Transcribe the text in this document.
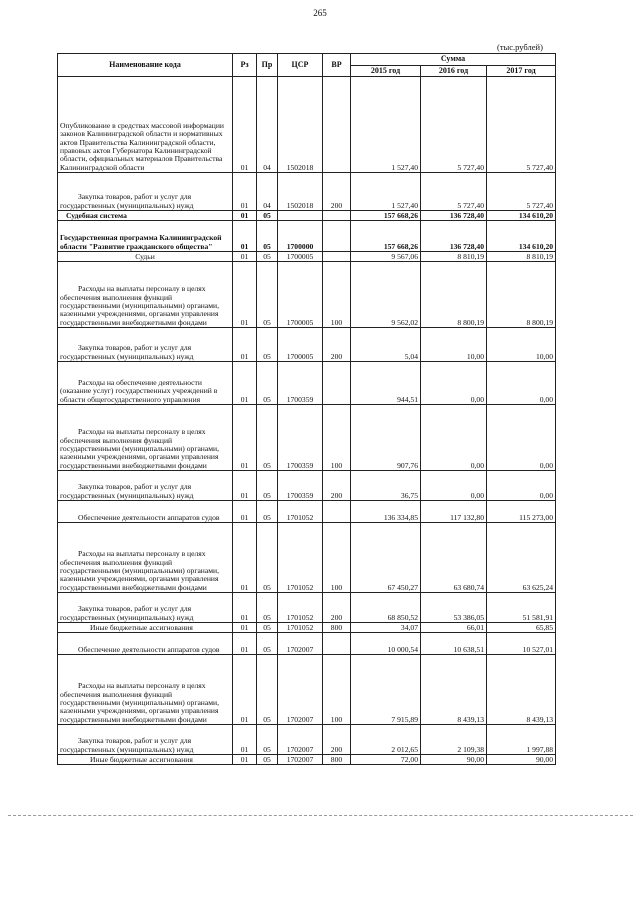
265
(тыс.рублей)
Наименование кода	Рз	Пр	ЦСР	ВР	Сумма		
					2015 год	2016 год	2017 год
Опубликование в средствах массовой информации законов Калининградской области и нормативных актов Правительства Калининградской области, правовых актов Губернатора Калининградской области, официальных материалов Правительства Калининградской области	01	04	1502018		1 527,40	5 727,40	5 727,40
Закупка товаров, работ и услуг для государственных (муниципальных) нужд	01	04	1502018	200	1 527,40	5 727,40	5 727,40
Судебная система	01	05			157 668,26	136 728,40	134 610,20
Государственная программа Калининградской области "Развитие гражданского общества"	01	05	1700000		157 668,26	136 728,40	134 610,20
Судьи	01	05	1700005		9 567,06	8 810,19	8 810,19
Расходы на выплаты персоналу в целях обеспечения выполнения функций государственными (муниципальными) органами, казенными учреждениями, органами управления государственными внебюджетными фондами	01	05	1700005	100	9 562,02	8 800,19	8 800,19
Закупка товаров, работ и услуг для государственных (муниципальных) нужд	01	05	1700005	200	5,04	10,00	10,00
Расходы на обеспечение деятельности (оказание услуг) государственных учреждений в области общегосударственного управления	01	05	1700359		944,51	0,00	0,00
Расходы на выплаты персоналу в целях обеспечения выполнения функций государственными (муниципальными) органами, казенными учреждениями, органами управления государственными внебюджетными фондами	01	05	1700359	100	907,76	0,00	0,00
Закупка товаров, работ и услуг для государственных (муниципальных) нужд	01	05	1700359	200	36,75	0,00	0,00
Обеспечение деятельности аппаратов судов	01	05	1701052		136 334,85	117 132,80	115 273,00
Расходы на выплаты персоналу в целях обеспечения выполнения функций государственными (муниципальными) органами, казенными учреждениями, органами управления государственными внебюджетными фондами	01	05	1701052	100	67 450,27	63 680,74	63 625,24
Закупка товаров, работ и услуг для государственных (муниципальных) нужд	01	05	1701052	200	68 850,52	53 386,05	51 581,91
Иные бюджетные ассигнования	01	05	1701052	800	34,07	66,01	65,85
Обеспечение деятельности аппаратов судов	01	05	1702007		10 000,54	10 638,51	10 527,01
Расходы на выплаты персоналу в целях обеспечения выполнения функций государственными (муниципальными) органами, казенными учреждениями, органами управления государственными внебюджетными фондами	01	05	1702007	100	7 915,89	8 439,13	8 439,13
Закупка товаров, работ и услуг для государственных (муниципальных) нужд	01	05	1702007	200	2 012,65	2 109,38	1 997,88
Иные бюджетные ассигнования	01	05	1702007	800	72,00	90,00	90,00
